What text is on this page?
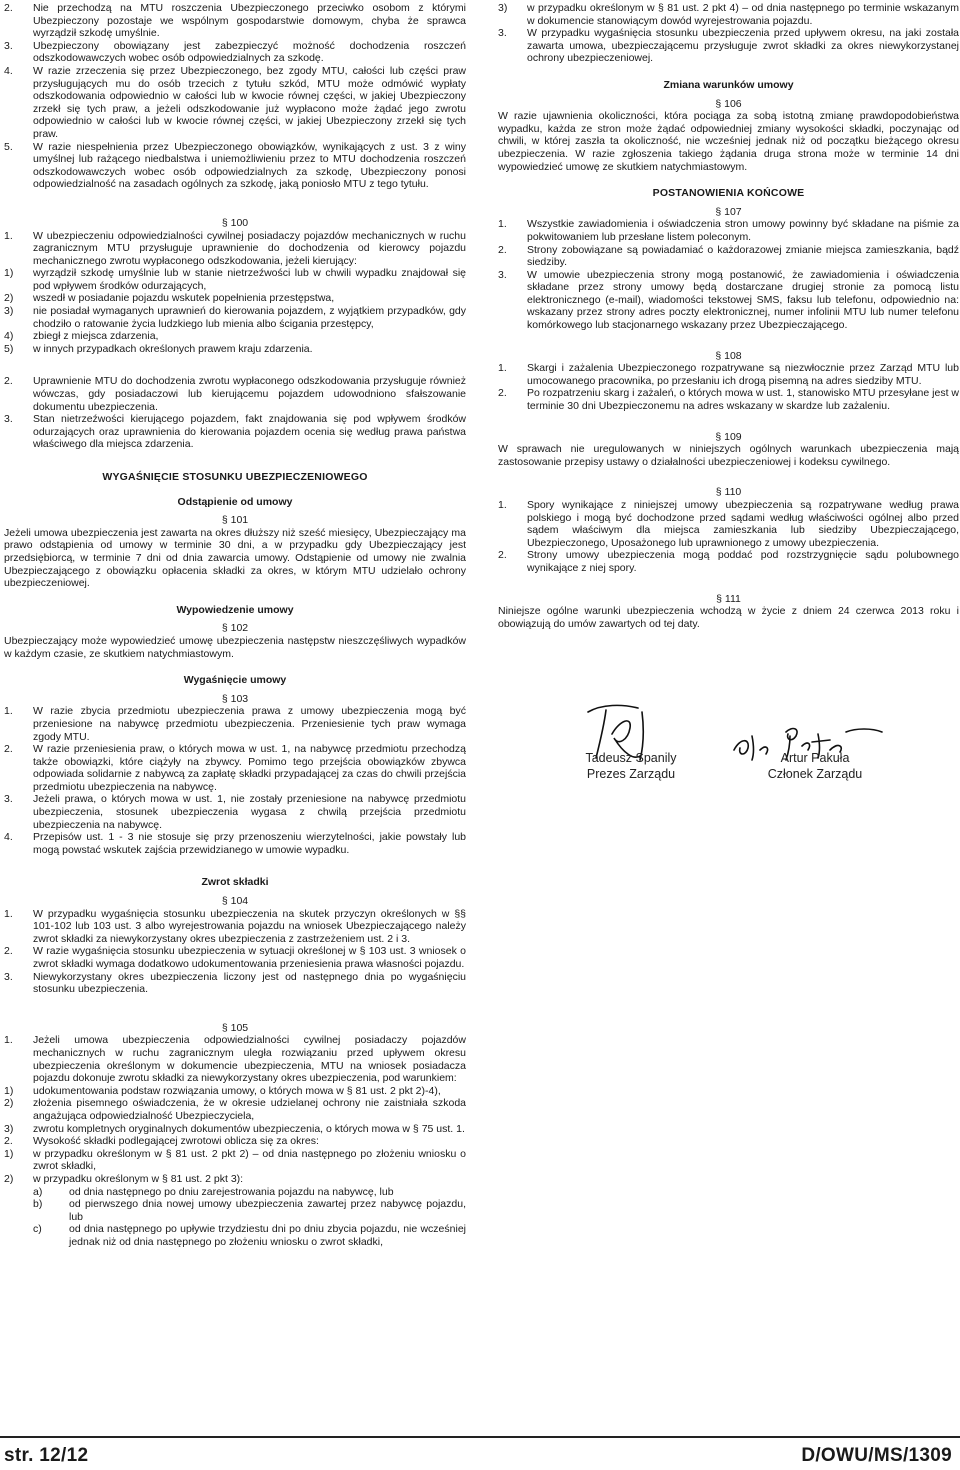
2. Nie przechodzą na MTU roszczenia Ubezpieczonego przeciwko osobom z którymi Ubezpieczony pozostaje we wspólnym gospodarstwie domowym, chyba że sprawca wyrządził szkodę umyślnie.
3. Ubezpieczony obowiązany jest zabezpieczyć możność dochodzenia roszczeń odszkodowawczych wobec osób odpowiedzialnych za szkodę.
4. W razie zrzeczenia się przez Ubezpieczonego, bez zgody MTU, całości lub części praw przysługujących mu do osób trzecich z tytułu szkód, MTU może odmówić wypłaty odszkodowania odpowiednio w całości lub w kwocie równej części, w jakiej Ubezpieczony zrzekł się tych praw, a jeżeli odszkodowanie już wypłacono może żądać jego zwrotu odpowiednio w całości lub w kwocie równej części, w jakiej Ubezpieczony zrzekł się tych praw.
5. W razie niespełnienia przez Ubezpieczonego obowiązków, wynikających z ust. 3 z winy umyślnej lub rażącego niedbalstwa i uniemożliwieniu przez to MTU dochodzenia roszczeń odszkodowawczych wobec osób odpowiedzialnych za szkodę, Ubezpieczony ponosi odpowiedzialność na zasadach ogólnych za szkodę, jaką poniosło MTU z tego tytułu.
§ 100
1. W ubezpieczeniu odpowiedzialności cywilnej posiadaczy pojazdów mechanicznych w ruchu zagranicznym MTU przysługuje uprawnienie do dochodzenia od kierowcy pojazdu mechanicznego zwrotu wypłaconego odszkodowania, jeżeli kierujący:
1) wyrządził szkodę umyślnie lub w stanie nietrzeźwości lub w chwili wypadku znajdował się pod wpływem środków odurzających,
2) wszedł w posiadanie pojazdu wskutek popełnienia przestępstwa,
3) nie posiadał wymaganych uprawnień do kierowania pojazdem, z wyjątkiem przypadków, gdy chodziło o ratowanie życia ludzkiego lub mienia albo ścigania przestępcy,
4) zbiegł z miejsca zdarzenia,
5) w innych przypadkach określonych prawem kraju zdarzenia.
2. Uprawnienie MTU do dochodzenia zwrotu wypłaconego odszkodowania przysługuje również wówczas, gdy posiadaczowi lub kierującemu pojazdem udowodniono sfałszowanie dokumentu ubezpieczenia.
3. Stan nietrzeźwości kierującego pojazdem, fakt znajdowania się pod wpływem środków odurzających oraz uprawnienia do kierowania pojazdem ocenia się według prawa państwa właściwego dla miejsca zdarzenia.
WYGAŚNIĘCIE STOSUNKU UBEZPIECZENIOWEGO
Odstąpienie od umowy
§ 101
Jeżeli umowa ubezpieczenia jest zawarta na okres dłuższy niż sześć miesięcy, Ubezpieczający ma prawo odstąpienia od umowy w terminie 30 dni, a w przypadku gdy Ubezpieczający jest przedsiębiorcą, w terminie 7 dni od dnia zawarcia umowy. Odstąpienie od umowy nie zwalnia Ubezpieczającego z obowiązku opłacenia składki za okres, w którym MTU udzielało ochrony ubezpieczeniowej.
Wypowiedzenie umowy
§ 102
Ubezpieczający może wypowiedzieć umowę ubezpieczenia następstw nieszczęśliwych wypadków w każdym czasie, ze skutkiem natychmiastowym.
Wygaśnięcie umowy
§ 103
1. W razie zbycia przedmiotu ubezpieczenia prawa z umowy ubezpieczenia mogą być przeniesione na nabywcę przedmiotu ubezpieczenia. Przeniesienie tych praw wymaga zgody MTU.
2. W razie przeniesienia praw, o których mowa w ust. 1, na nabywcę przedmiotu przechodzą także obowiązki, które ciążyły na zbywcy. Pomimo tego przejścia obowiązków zbywca odpowiada solidarnie z nabywcą za zapłatę składki przypadającej za czas do chwili przejścia przedmiotu ubezpieczenia na nabywcę.
3. Jeżeli prawa, o których mowa w ust. 1, nie zostały przeniesione na nabywcę przedmiotu ubezpieczenia, stosunek ubezpieczenia wygasa z chwilą przejścia przedmiotu ubezpieczenia na nabywcę.
4. Przepisów ust. 1 - 3 nie stosuje się przy przenoszeniu wierzytelności, jakie powstały lub mogą powstać wskutek zajścia przewidzianego w umowie wypadku.
Zwrot składki
§ 104
1. W przypadku wygaśnięcia stosunku ubezpieczenia na skutek przyczyn określonych w §§ 101-102 lub 103 ust. 3 albo wyrejestrowania pojazdu na wniosek Ubezpieczającego należy zwrot składki za niewykorzystany okres ubezpieczenia z zastrzeżeniem ust. 2 i 3.
2. W razie wygaśnięcia stosunku ubezpieczenia w sytuacji określonej w § 103 ust. 3 wniosek o zwrot składki wymaga dodatkowo udokumentowania przeniesienia prawa własności pojazdu.
3. Niewykorzystany okres ubezpieczenia liczony jest od następnego dnia po wygaśnięciu stosunku ubezpieczenia.
§ 105
1. Jeżeli umowa ubezpieczenia odpowiedzialności cywilnej posiadaczy pojazdów mechanicznych w ruchu zagranicznym uległa rozwiązaniu przed upływem okresu ubezpieczenia określonym w dokumencie ubezpieczenia, MTU na wniosek posiadacza pojazdu dokonuje zwrotu składki za niewykorzystany okres ubezpieczenia, pod warunkiem:
1) udokumentowania podstaw rozwiązania umowy, o których mowa w § 81 ust. 2 pkt 2)-4),
2) złożenia pisemnego oświadczenia, że w okresie udzielanej ochrony nie zaistniała szkoda angażująca odpowiedzialność Ubezpieczyciela,
3) zwrotu kompletnych oryginalnych dokumentów ubezpieczenia, o których mowa w § 75 ust. 1.
2. Wysokość składki podlegającej zwrotowi oblicza się za okres:
1) w przypadku określonym w § 81 ust. 2 pkt 2) – od dnia następnego po złożeniu wniosku o zwrot składki,
2) w przypadku określonym w § 81 ust. 2 pkt 3):
a)	od dnia następnego po dniu zarejestrowania pojazdu na nabywcę, lub
b)	od pierwszego dnia nowej umowy ubezpieczenia zawartej przez nabywcę pojazdu, lub
c)	od dnia następnego po upływie trzydziestu dni po dniu zbycia pojazdu, nie wcześniej jednak niż od dnia następnego po złożeniu wniosku o zwrot składki,
3) w przypadku określonym w § 81 ust. 2 pkt 4) – od dnia następnego po terminie wskazanym w dokumencie stanowiącym dowód wyrejestrowania pojazdu.
3. W przypadku wygaśnięcia stosunku ubezpieczenia przed upływem okresu, na jaki została zawarta umowa, ubezpieczającemu przysługuje zwrot składki za okres niewykorzystanej ochrony ubezpieczeniowej.
Zmiana warunków umowy
§ 106
W razie ujawnienia okoliczności, która pociąga za sobą istotną zmianę prawdopodobieństwa wypadku, każda ze stron może żądać odpowiedniej zmiany wysokości składki, poczynając od chwili, w której zaszła ta okoliczność, nie wcześniej jednak niż od początku bieżącego okresu ubezpieczenia. W razie zgłoszenia takiego żądania druga strona może w terminie 14 dni wypowiedzieć umowę ze skutkiem natychmiastowym.
POSTANOWIENIA KOŃCOWE
§ 107
1. Wszystkie zawiadomienia i oświadczenia stron umowy powinny być składane na piśmie za pokwitowaniem lub przesłane listem poleconym.
2. Strony zobowiązane są powiadamiać o każdorazowej zmianie miejsca zamieszkania, bądź siedziby.
3. W umowie ubezpieczenia strony mogą postanowić, że zawiadomienia i oświadczenia składane przez strony umowy będą dostarczane drugiej stronie za pomocą listu elektronicznego (e-mail), wiadomości tekstowej SMS, faksu lub telefonu, odpowiednio na: wskazany przez strony adres poczty elektronicznej, numer infolinii MTU lub numer telefonu komórkowego lub stacjonarnego wskazany przez Ubezpieczającego.
§ 108
1. Skargi i zażalenia Ubezpieczonego rozpatrywane są niezwłocznie przez Zarząd MTU lub umocowanego pracownika, po przesłaniu ich drogą pisemną na adres siedziby MTU.
2. Po rozpatrzeniu skarg i zażaleń, o których mowa w ust. 1, stanowisko MTU przesyłane jest w terminie 30 dni Ubezpieczonemu na adres wskazany w skardze lub zażaleniu.
§ 109
W sprawach nie uregulowanych w niniejszych ogólnych warunkach ubezpieczenia mają zastosowanie przepisy ustawy o działalności ubezpieczeniowej i kodeksu cywilnego.
§ 110
1. Spory wynikające z niniejszej umowy ubezpieczenia są rozpatrywane według prawa polskiego i mogą być dochodzone przed sądami według właściwości ogólnej albo przed sądem właściwym dla miejsca zamieszkania lub siedziby Ubezpieczającego, Ubezpieczonego, Uposażonego lub uprawnionego z umowy ubezpieczenia.
2. Strony umowy ubezpieczenia mogą poddać pod rozstrzygnięcie sądu polubownego wynikające z niej spory.
§ 111
Niniejsze ogólne warunki ubezpieczenia wchodzą w życie z dniem 24 czerwca 2013 roku i obowiązują do umów zawartych od tej daty.
Tadeusz Spanily
Prezes Zarządu
Artur Pakuła
Członek Zarządu
str. 12/12	D/OWU/MS/1309
